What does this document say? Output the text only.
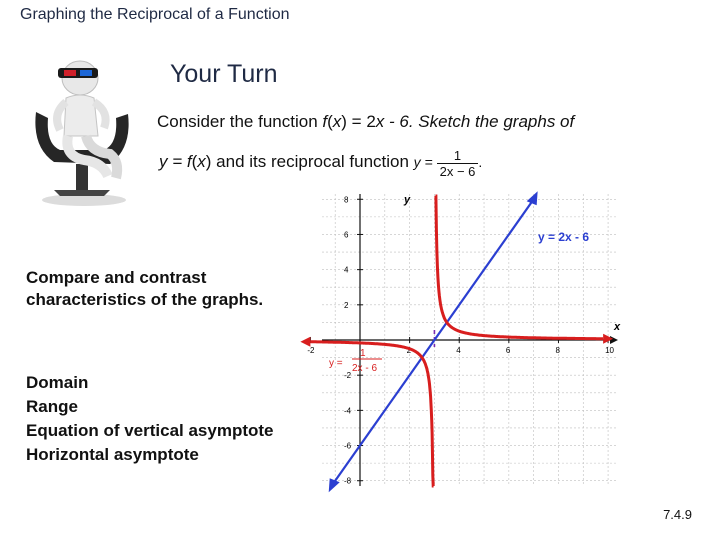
Graphing the Reciprocal of a Function
Your Turn
Consider the function f(x) = 2x - 6. Sketch the graphs of
y = f(x) and its reciprocal function $y = \frac{1}{2x - 6}$ .
Compare and contrast characteristics of the graphs.
Domain
Range
Equation of vertical asymptote
Horizontal asymptote
-2	2	4	6	8	10
8
6
4
2
-2
-4
-6
-8
y = 2x - 6
y =
1
2x - 6
x
y
7.4.9
